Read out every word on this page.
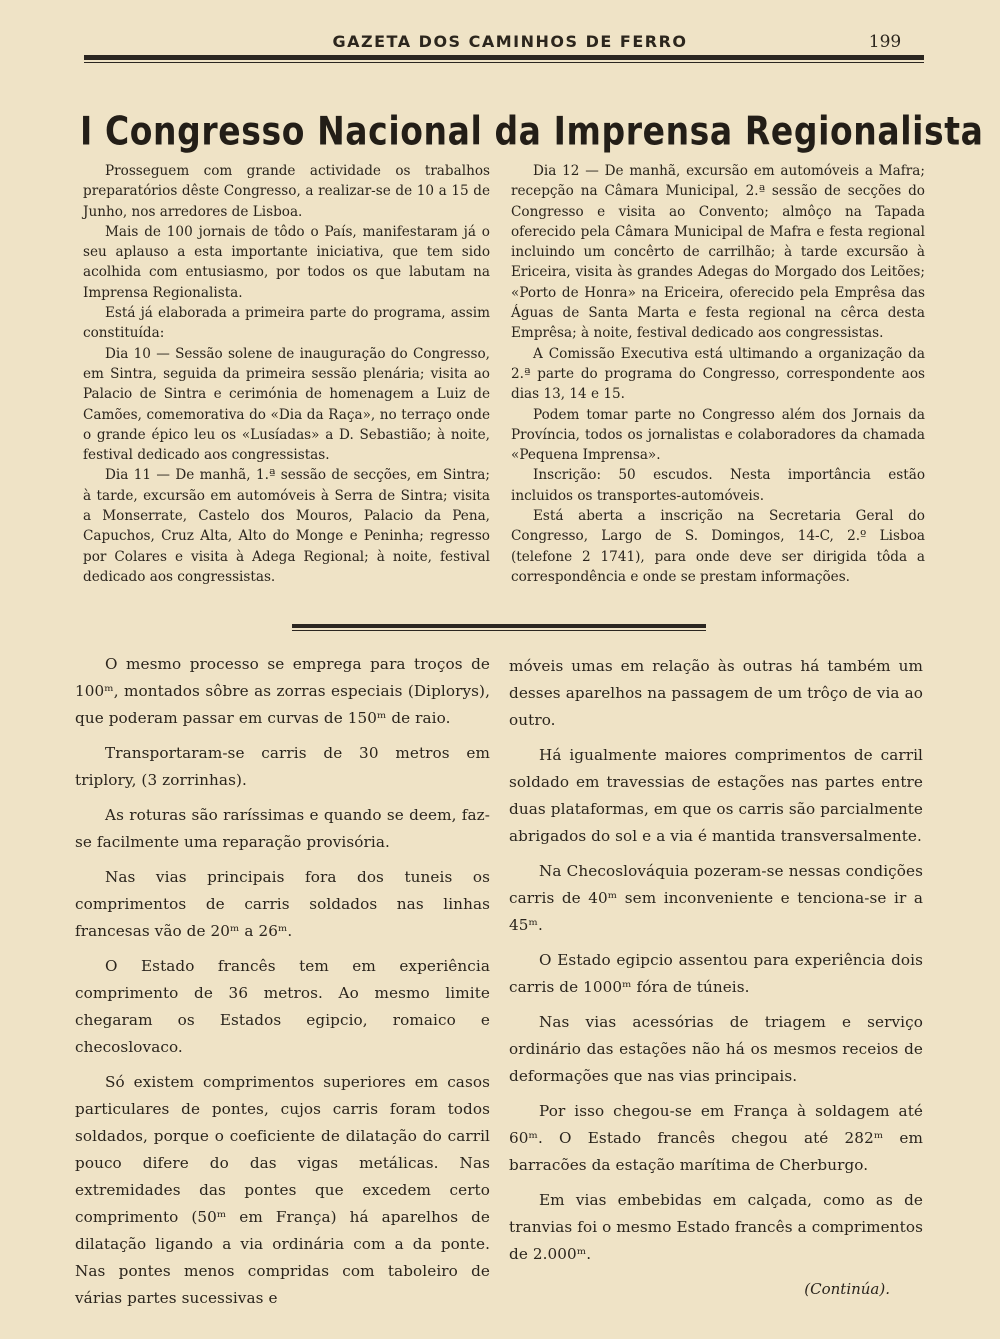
GAZETA DOS CAMINHOS DE FERRO	199
I Congresso Nacional da Imprensa Regionalista

Prosseguem com grande actividade os trabalhos preparatórios dêste Congresso, a realizar-se de 10 a 15 de Junho, nos arredores de Lisboa.

Mais de 100 jornais de tôdo o País, manifestaram já o seu aplauso a esta importante iniciativa, que tem sido acolhida com entusiasmo, por todos os que labutam na Imprensa Regionalista.

Está já elaborada a primeira parte do programa, assim constituída:

Dia 10 — Sessão solene de inauguração do Congresso, em Sintra, seguida da primeira sessão plenária; visita ao Palacio de Sintra e cerimónia de homenagem a Luiz de Camões, comemorativa do «Dia da Raça», no terraço onde o grande épico leu os «Lusíadas» a D. Sebastião; à noite, festival dedicado aos congressistas.

Dia 11 — De manhã, 1.ª sessão de secções, em Sintra; à tarde, excursão em automóveis à Serra de Sintra; visita a Monserrate, Castelo dos Mouros, Palacio da Pena, Capuchos, Cruz Alta, Alto do Monge e Peninha; regresso por Colares e visita à Adega Regional; à noite, festival dedicado aos congressistas.

Dia 12 — De manhã, excursão em automóveis a Mafra; recepção na Câmara Municipal, 2.ª sessão de secções do Congresso e visita ao Convento; almôço na Tapada oferecido pela Câmara Municipal de Mafra e festa regional incluindo um concêrto de carrilhão; à tarde excursão à Ericeira, visita às grandes Adegas do Morgado dos Leitões; «Porto de Honra» na Ericeira, oferecido pela Emprêsa das Águas de Santa Marta e festa regional na cêrca desta Emprêsa; à noite, festival dedicado aos congressistas.

A Comissão Executiva está ultimando a organização da 2.ª parte do programa do Congresso, correspondente aos dias 13, 14 e 15.

Podem tomar parte no Congresso além dos Jornais da Província, todos os jornalistas e colaboradores da chamada «Pequena Imprensa».

Inscrição: 50 escudos. Nesta importância estão incluidos os transportes-automóveis.

Está aberta a inscrição na Secretaria Geral do Congresso, Largo de S. Domingos, 14-C, 2.º Lisboa (telefone 2 1741), para onde deve ser dirigida tôda a correspondência e onde se prestam informações.

O mesmo processo se emprega para troços de 100ᵐ, montados sôbre as zorras especiais (Diplorys), que poderam passar em curvas de 150ᵐ de raio.

Transportaram-se carris de 30 metros em triplory, (3 zorrinhas).

As roturas são raríssimas e quando se deem, faz-se facilmente uma reparação provisória.

Nas vias principais fora dos tuneis os comprimentos de carris soldados nas linhas francesas vão de 20ᵐ a 26ᵐ.

O Estado francês tem em experiência comprimento de 36 metros. Ao mesmo limite chegaram os Estados egipcio, romaico e checoslovaco.

Só existem comprimentos superiores em casos particulares de pontes, cujos carris foram todos soldados, porque o coeficiente de dilatação do carril pouco difere do das vigas metálicas. Nas extremidades das pontes que excedem certo comprimento (50ᵐ em França) há aparelhos de dilatação ligando a via ordinária com a da ponte. Nas pontes menos compridas com taboleiro de várias partes sucessivas e

móveis umas em relação às outras há também um desses aparelhos na passagem de um trôço de via ao outro.

Há igualmente maiores comprimentos de carril soldado em travessias de estações nas partes entre duas plataformas, em que os carris são parcialmente abrigados do sol e a via é mantida transversalmente.

Na Checoslováquia pozeram-se nessas condições carris de 40ᵐ sem inconveniente e tenciona-se ir a 45ᵐ.

O Estado egipcio assentou para experiência dois carris de 1000ᵐ fóra de túneis.

Nas vias acessórias de triagem e serviço ordinário das estações não há os mesmos receios de deformações que nas vias principais.

Por isso chegou-se em França à soldagem até 60ᵐ. O Estado francês chegou até 282ᵐ em barracões da estação marítima de Cherburgo.

Em vias embebidas em calçada, como as de tranvias foi o mesmo Estado francês a comprimentos de 2.000ᵐ.

(Continúa).
